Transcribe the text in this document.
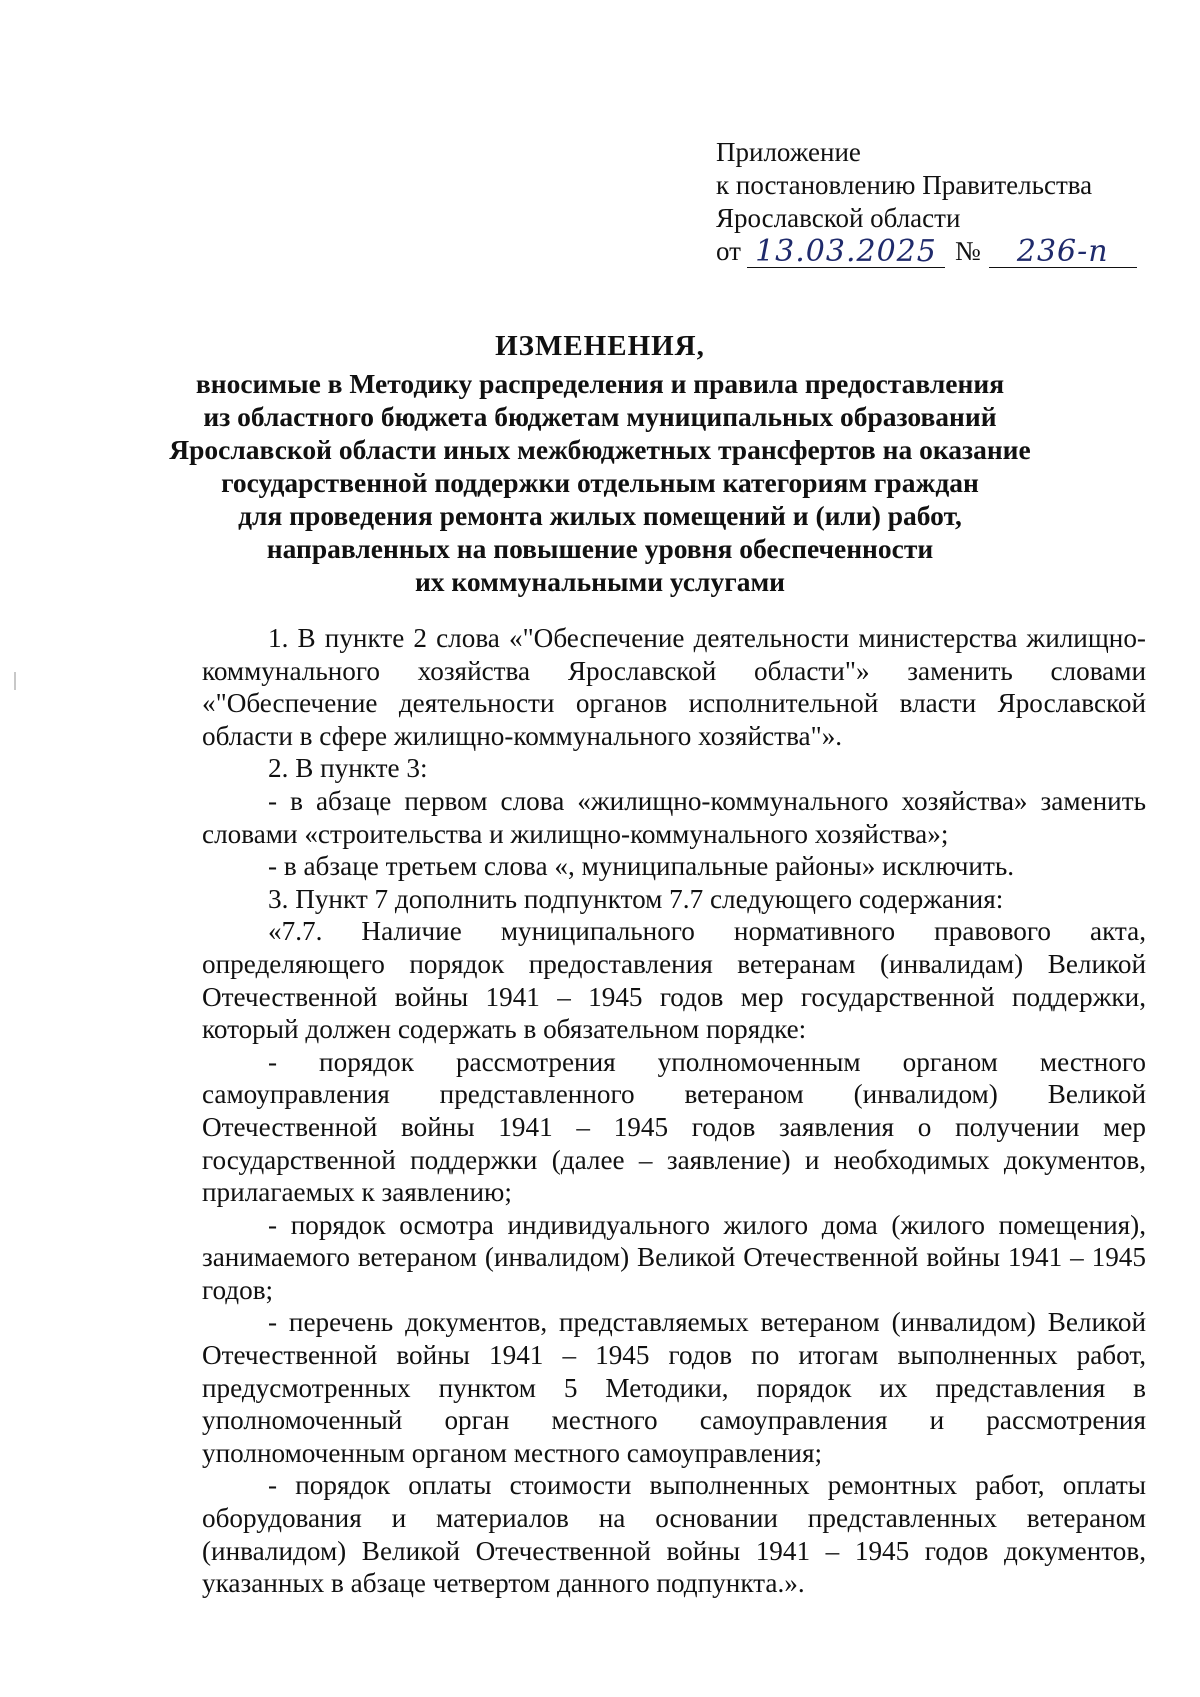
Приложение
к постановлению Правительства
Ярославской области
от 13.03.2025 №	236-п
ИЗМЕНЕНИЯ,
вносимые в Методику распределения и правила предоставления
из областного бюджета бюджетам муниципальных образований
Ярославской области иных межбюджетных трансфертов на оказание
государственной поддержки отдельным категориям граждан
для проведения ремонта жилых помещений и (или) работ,
направленных на повышение уровня обеспеченности
их коммунальными услугами

1. В пункте 2 слова «"Обеспечение деятельности министерства жилищно-коммунального хозяйства Ярославской области"» заменить словами «"Обеспечение деятельности органов исполнительной власти Ярославской области в сфере жилищно-коммунального хозяйства"».

2. В пункте 3:

- в абзаце первом слова «жилищно-коммунального хозяйства» заменить словами «строительства и жилищно-коммунального хозяйства»;

- в абзаце третьем слова «, муниципальные районы» исключить.

3. Пункт 7 дополнить подпунктом 7.7 следующего содержания:

«7.7. Наличие муниципального нормативного правового акта, определяющего порядок предоставления ветеранам (инвалидам) Великой Отечественной войны 1941 – 1945 годов мер государственной поддержки, который должен содержать в обязательном порядке:

- порядок рассмотрения уполномоченным органом местного самоуправления представленного ветераном (инвалидом) Великой Отечественной войны 1941 – 1945 годов заявления о получении мер государственной поддержки (далее – заявление) и необходимых документов, прилагаемых к заявлению;

- порядок осмотра индивидуального жилого дома (жилого помещения), занимаемого ветераном (инвалидом) Великой Отечественной войны 1941 – 1945 годов;

- перечень документов, представляемых ветераном (инвалидом) Великой Отечественной войны 1941 – 1945 годов по итогам выполненных работ, предусмотренных пунктом 5 Методики, порядок их представления в уполномоченный орган местного самоуправления и рассмотрения уполномоченным органом местного самоуправления;

- порядок оплаты стоимости выполненных ремонтных работ, оплаты оборудования и материалов на основании представленных ветераном (инвалидом) Великой Отечественной войны 1941 – 1945 годов документов, указанных в абзаце четвертом данного подпункта.».
